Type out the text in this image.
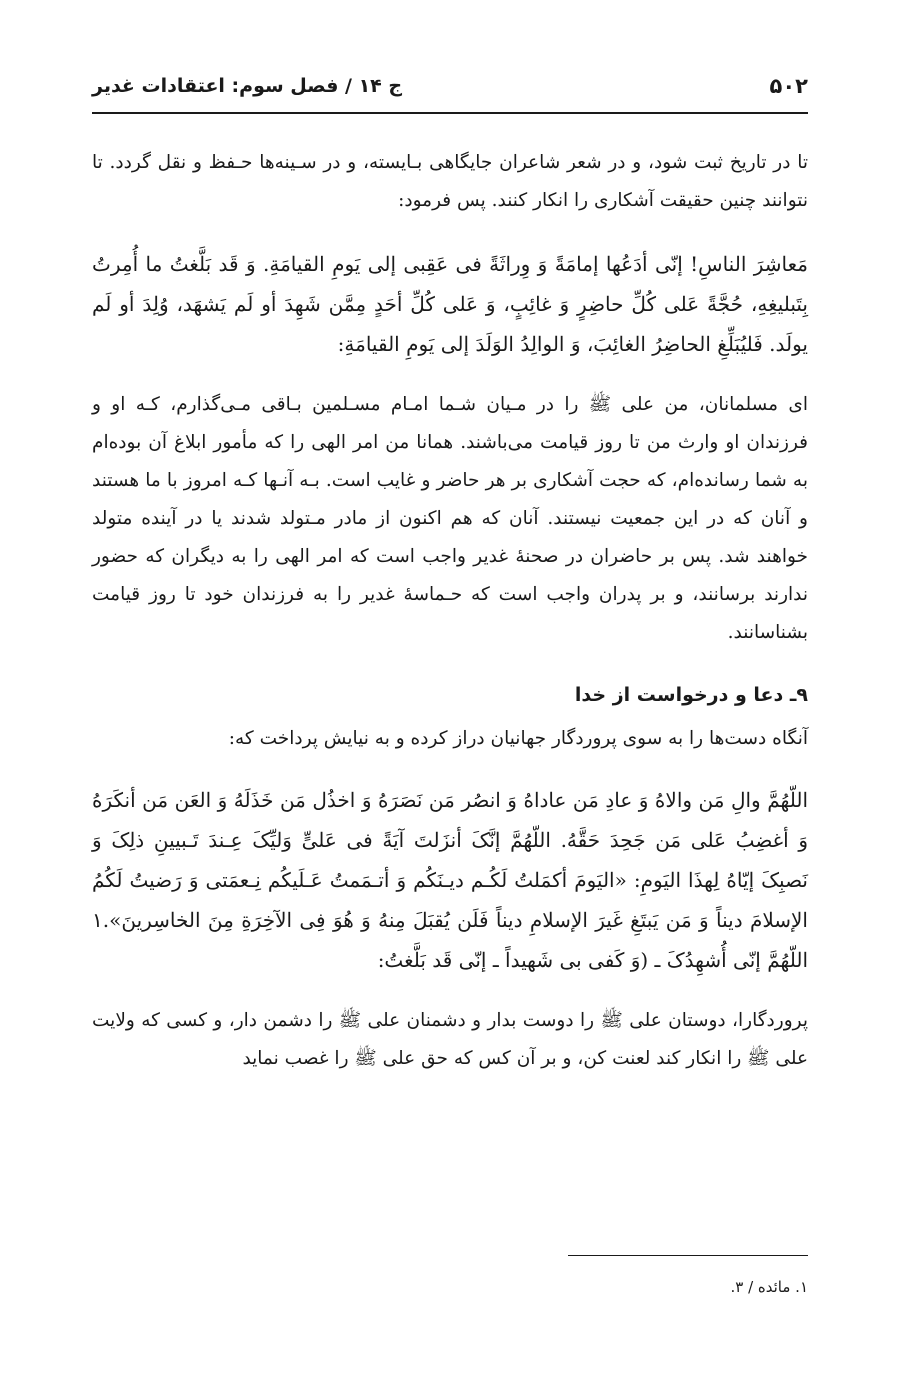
۵۰۲
ج ۱۴ / فصل سوم: اعتقادات غدیر

تا در تاریخ ثبت شود، و در شعر شاعران جایگاهی بـایسته، و در سـینه‌ها حـفظ و نقل گردد. تا نتوانند چنین حقیقت آشکاری را انکار کنند. پس فرمود:

مَعاشِرَ الناسِ! إنّی أدَعُها إمامَةً وَ وِراثَةً فی عَقِبی إلی یَومِ القیامَةِ. وَ قَد بَلَّغتُ ما أُمِرتُ بِتَبلیغِهِ، حُجَّةً عَلی کُلِّ حاضِرٍ وَ غائِبٍ، وَ عَلی کُلِّ أحَدٍ مِمَّن شَهِدَ أو لَم یَشهَد، وُلِدَ أو لَم یولَد. فَلیُبَلِّغِ الحاضِرُ الغائِبَ، وَ الوالِدُ الوَلَدَ إلی یَومِ القیامَةِ:

ای مسلمانان، من علی ﷺ را در مـیان شـما امـام مسـلمین بـاقی مـی‌گذارم، کـه او و فرزندان او وارث من تا روز قیامت می‌باشند. همانا من امر الهی را که مأمور ابلاغ آن بوده‌ام به شما رسانده‌ام، که حجت آشکاری بر هر حاضر و غایب است. بـه آنـها کـه امروز با ما هستند و آنان که در این جمعیت نیستند. آنان که هم اکنون از مادر مـتولد شدند یا در آینده متولد خواهند شد. پس بر حاضران در صحنهٔ غدیر واجب است که امر الهی را به دیگران که حضور ندارند برسانند، و بر پدران واجب است که حـماسهٔ غدیر را به فرزندان خود تا روز قیامت بشناسانند.

۹ـ دعا و درخواست از خدا

آنگاه دست‌ها را به سوی پروردگار جهانیان دراز کرده و به نیایش پرداخت که:

اللّهُمَّ والِ مَن والاهُ وَ عادِ مَن عاداهُ وَ انصُر مَن نَصَرَهُ وَ اخذُل مَن خَذَلَهُ وَ العَن مَن أنکَرَهُ وَ أغضِبُ عَلی مَن جَحِدَ حَقَّهُ. اللّهُمَّ إنَّکَ أنزَلتَ آیَةً فی عَلیٍّ وَلیِّکَ عِـندَ تَـبیینِ ذلِکَ وَ نَصبِکَ إیّاهُ لِهذَا الیَومِ: «الیَومَ أکمَلتُ لَکُـم دیـنَکُم وَ أتـمَمتُ عَـلَیکُم نِـعمَتی وَ رَضیتُ لَکُمُ الإسلامَ دیناً وَ مَن یَبتَغِ غَیرَ الإسلامِ دیناً فَلَن یُقبَلَ مِنهُ وَ هُوَ فِی الآخِرَةِ مِنَ الخاسِرینَ».١ اللّهُمَّ إنّی أُشهِدُکَ ـ (وَ کَفی بی شَهیداً ـ إنّی قَد بَلَّغتُ:

پروردگارا، دوستان علی ﷺ را دوست بدار و دشمنان علی ﷺ را دشمن دار، و کسی که ولایت علی ﷺ را انکار کند لعنت کن، و بر آن کس که حق علی ﷺ را غصب نماید

۱. مائده / ۳.
